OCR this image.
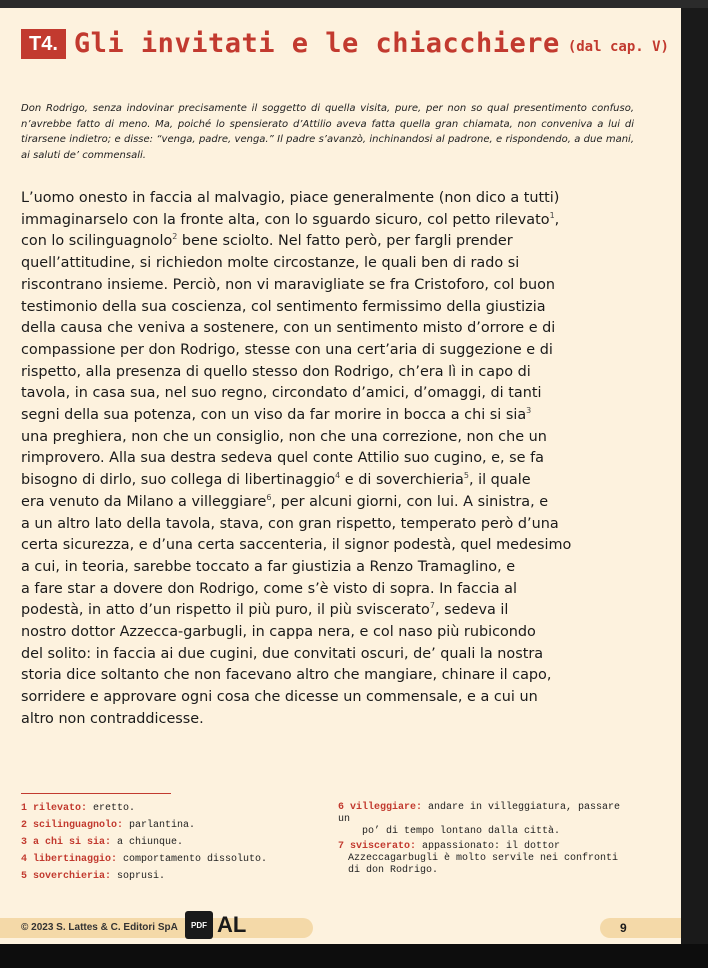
T4. Gli invitati e le chiacchiere (dal cap. V)
Don Rodrigo, senza indovinar precisamente il soggetto di quella visita, pure, per non so qual presentimento confuso, n’avrebbe fatto di meno. Ma, poiché lo spensierato d’Attilio aveva fatta quella gran chiamata, non conveniva a lui di tirarsene indietro; e disse: “venga, padre, venga.” Il padre s’avanzò, inchinandosi al padrone, e rispondendo, a due mani, ai saluti de’ commensali.
L’uomo onesto in faccia al malvagio, piace generalmente (non dico a tutti)
immaginarselo con la fronte alta, con lo sguardo sicuro, col petto rilevato$^1$,
con lo scilinguagnolo$^2$ bene sciolto. Nel fatto però, per fargli prender
quell’attitudine, si richiedon molte circostanze, le quali ben di rado si
riscontrano insieme. Perciò, non vi maravigliate se fra Cristoforo, col buon
testimonio della sua coscienza, col sentimento fermissimo della giustizia
della causa che veniva a sostenere, con un sentimento misto d’orrore e di
compassione per don Rodrigo, stesse con una cert’aria di suggezione e di
rispetto, alla presenza di quello stesso don Rodrigo, ch’era lì in capo di
tavola, in casa sua, nel suo regno, circondato d’amici, d’omaggi, di tanti
segni della sua potenza, con un viso da far morire in bocca a chi si sia$^3$
una preghiera, non che un consiglio, non che una correzione, non che un
rimprovero. Alla sua destra sedeva quel conte Attilio suo cugino, e, se fa
bisogno di dirlo, suo collega di libertinaggio$^4$ e di soverchieria$^5$, il quale
era venuto da Milano a villeggiare$^6$, per alcuni giorni, con lui. A sinistra, e
a un altro lato della tavola, stava, con gran rispetto, temperato però d’una
certa sicurezza, e d’una certa saccenteria, il signor podestà, quel medesimo
a cui, in teoria, sarebbe toccato a far giustizia a Renzo Tramaglino, e
a fare star a dovere don Rodrigo, come s’è visto di sopra. In faccia al
podestà, in atto d’un rispetto il più puro, il più sviscerato$^7$, sedeva il
nostro dottor Azzecca-garbugli, in cappa nera, e col naso più rubicondo
del solito: in faccia ai due cugini, due convitati oscuri, de’ quali la nostra
storia dice soltanto che non facevano altro che mangiare, chinare il capo,
sorridere e approvare ogni cosa che dicesse un commensale, e a cui un
altro non contraddicesse.
1 rilevato: eretto.
2 scilinguagnolo: parlantina.
3 a chi si sia: a chiunque.
4 libertinaggio: comportamento dissoluto.
5 soverchieria: soprusi.
6 villeggiare: andare in villeggiatura, passare un
po’ di tempo lontano dalla città.
7 sviscerato: appassionato: il dottor
Azzeccagarbugli è molto servile nei confronti
di don Rodrigo.
© 2023 S. Lattes & C. Editori SpA	PDF AL	9
